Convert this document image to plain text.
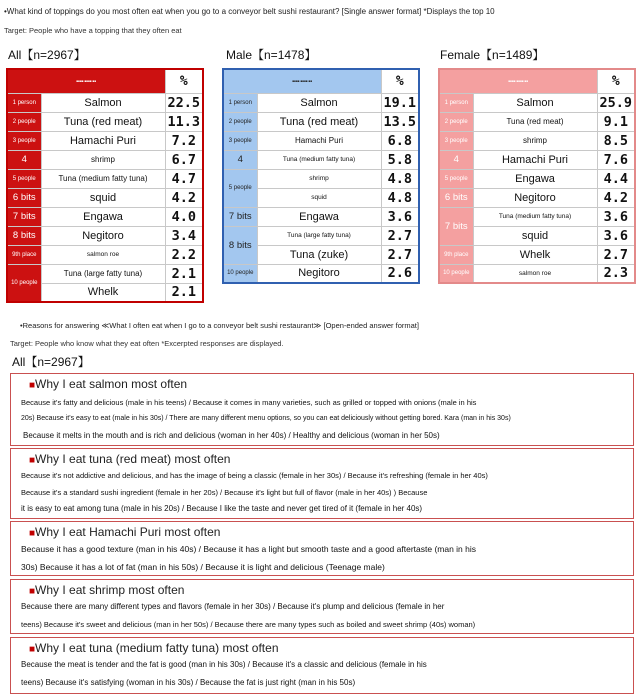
•What kind of toppings do you most often eat when you go to a conveyor belt sushi restaurant? [Single answer format] *Displays the top 10
Target: People who have a topping that they often eat
All【n=2967】
■■■■ ■■■■ ■■		%
1 person	Salmon	22.5
2 people	Tuna (red meat)	11.3
3 people	Hamachi Puri	7.2
4	shrimp	6.7
5 people	Tuna (medium fatty tuna)	4.7
6 bits	squid	4.2
7 bits	Engawa	4.0
8 bits	Negitoro	3.4
9th place	salmon roe	2.2
10 people	Tuna (large fatty tuna)	2.1
	Whelk	2.1
Male【n=1478】
■■■■ ■■■■ ■■		%
1 person	Salmon	19.1
2 people	Tuna (red meat)	13.5
3 people	Hamachi Puri	6.8
4	Tuna (medium fatty tuna)	5.8
5 people	shrimp	4.8
	squid	4.8
7 bits	Engawa	3.6
8 bits	Tuna (large fatty tuna)	2.7
	Tuna (zuke)	2.7
10 people	Negitoro	2.6
Female【n=1489】
■■■■ ■■■■ ■■		%
1 person	Salmon	25.9
2 people	Tuna (red meat)	9.1
3 people	shrimp	8.5
4	Hamachi Puri	7.6
5 people	Engawa	4.4
6 bits	Negitoro	4.2
7 bits	Tuna (medium fatty tuna)	3.6
	squid	3.6
9th place	Whelk	2.7
10 people	salmon roe	2.3
•Reasons for answering ≪What I often eat when I go to a conveyor belt sushi restaurant≫ [Open-ended answer format]
Target: People who know what they eat often *Excerpted responses are displayed.
All【n=2967】
■Why I eat salmon most often
Because it's fatty and delicious (male in his teens) / Because it comes in many varieties, such as grilled or topped with onions (male in his
20s) Because it's easy to eat (male in his 30s) / There are many different menu options, so you can eat deliciously without getting bored. Kara (man in his 30s)
Because it melts in the mouth and is rich and delicious (woman in her 40s) / Healthy and delicious (woman in her 50s)
■Why I eat tuna (red meat) most often
Because it's not addictive and delicious, and has the image of being a classic (female in her 30s) / Because it's refreshing (female in her 40s)
Because it's a standard sushi ingredient (female in her 20s) / Because it's light but full of flavor (male in her 40s) ) Because
it is easy to eat among tuna (male in his 20s) / Because I like the taste and never get tired of it (female in her 40s)
■Why I eat Hamachi Puri most often
Because it has a good texture (man in his 40s) / Because it has a light but smooth taste and a good aftertaste (man in his
30s) Because it has a lot of fat (man in his 50s) / Because it is light and delicious (Teenage male)
■Why I eat shrimp most often
Because there are many different types and flavors (female in her 30s) / Because it's plump and delicious (female in her
teens) Because it's sweet and delicious (man in her 50s) / Because there are many types such as boiled and sweet shrimp (40s) woman)
■Why I eat tuna (medium fatty tuna) most often
Because the meat is tender and the fat is good (man in his 30s) / Because it's a classic and delicious (female in his
teens) Because it's satisfying (woman in his 30s) / Because the fat is just right (man in his 50s)
